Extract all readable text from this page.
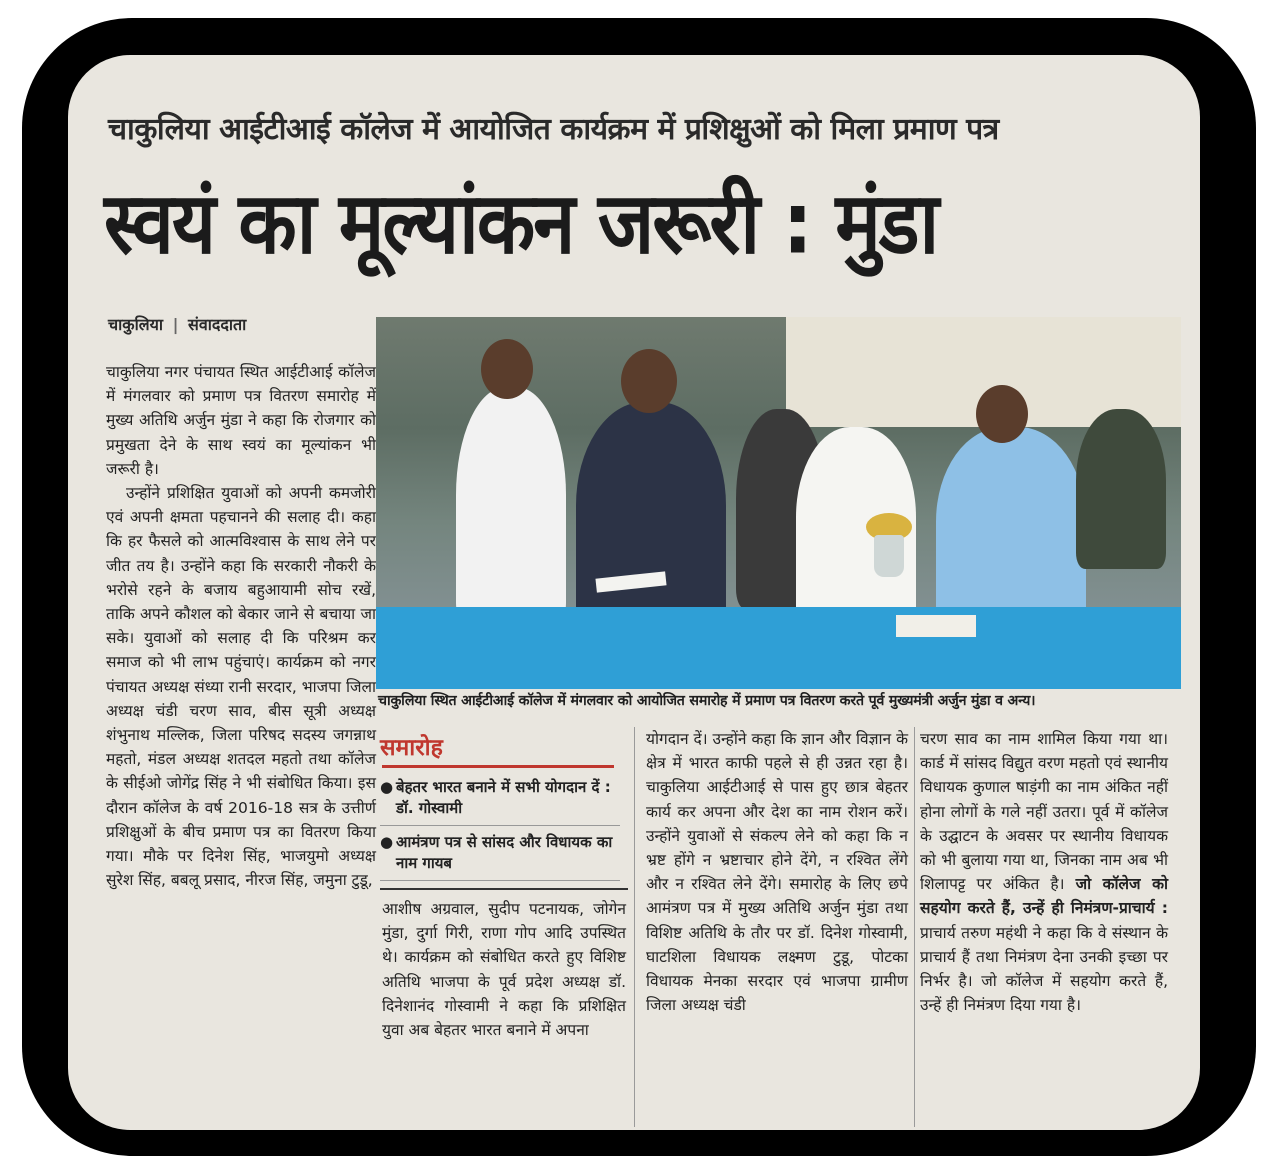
चाकुलिया आईटीआई कॉलेज में आयोजित कार्यक्रम में प्रशिक्षुओं को मिला प्रमाण पत्र
स्वयं का मूल्यांकन जरूरी : मुंडा
चाकुलिया | संवाददाता

चाकुलिया नगर पंचायत स्थित आईटीआई कॉलेज में मंगलवार को प्रमाण पत्र वितरण समारोह में मुख्य अतिथि अर्जुन मुंडा ने कहा कि रोजगार को प्रमुखता देने के साथ स्वयं का मूल्यांकन भी जरूरी है।

उन्होंने प्रशिक्षित युवाओं को अपनी कमजोरी एवं अपनी क्षमता पहचानने की सलाह दी। कहा कि हर फैसले को आत्मविश्वास के साथ लेने पर जीत तय है। उन्होंने कहा कि सरकारी नौकरी के भरोसे रहने के बजाय बहुआयामी सोच रखें, ताकि अपने कौशल को बेकार जाने से बचाया जा सके। युवाओं को सलाह दी कि परिश्रम कर समाज को भी लाभ पहुंचाएं। कार्यक्रम को नगर पंचायत अध्यक्ष संध्या रानी सरदार, भाजपा जिला अध्यक्ष चंडी चरण साव, बीस सूत्री अध्यक्ष शंभुनाथ मल्लिक, जिला परिषद सदस्य जगन्नाथ महतो, मंडल अध्यक्ष शतदल महतो तथा कॉलेज के सीईओ जोगेंद्र सिंह ने भी संबोधित किया। इस दौरान कॉलेज के वर्ष 2016-18 सत्र के उत्तीर्ण प्रशिक्षुओं के बीच प्रमाण पत्र का वितरण किया गया। मौके पर दिनेश सिंह, भाजयुमो अध्यक्ष सुरेश सिंह, बबलू प्रसाद, नीरज सिंह, जमुना टुडू,

चाकुलिया स्थित आईटीआई कॉलेज में मंगलवार को आयोजित समारोह में प्रमाण पत्र वितरण करते पूर्व मुख्यमंत्री अर्जुन मुंडा व अन्य।
समारोह
● बेहतर भारत बनाने में सभी योगदान दें : डॉ. गोस्वामी
● आमंत्रण पत्र से सांसद और विधायक का नाम गायब
आशीष अग्रवाल, सुदीप पटनायक, जोगेन मुंडा, दुर्गा गिरी, राणा गोप आदि उपस्थित थे। कार्यक्रम को संबोधित करते हुए विशिष्ट अतिथि भाजपा के पूर्व प्रदेश अध्यक्ष डॉ. दिनेशानंद गोस्वामी ने कहा कि प्रशिक्षित युवा अब बेहतर भारत बनाने में अपना
योगदान दें। उन्होंने कहा कि ज्ञान और विज्ञान के क्षेत्र में भारत काफी पहले से ही उन्नत रहा है। चाकुलिया आईटीआई से पास हुए छात्र बेहतर कार्य कर अपना और देश का नाम रोशन करें। उन्होंने युवाओं से संकल्प लेने को कहा कि न भ्रष्ट होंगे न भ्रष्टाचार होने देंगे, न रश्वित लेंगे और न रश्वित लेने देंगे। समारोह के लिए छपे आमंत्रण पत्र में मुख्य अतिथि अर्जुन मुंडा तथा विशिष्ट अतिथि के तौर पर डॉ. दिनेश गोस्वामी, घाटशिला विधायक लक्ष्मण टुडू, पोटका विधायक मेनका सरदार एवं भाजपा ग्रामीण जिला अध्यक्ष चंडी
चरण साव का नाम शामिल किया गया था। कार्ड में सांसद विद्युत वरण महतो एवं स्थानीय विधायक कुणाल षाड़ंगी का नाम अंकित नहीं होना लोगों के गले नहीं उतरा। पूर्व में कॉलेज के उद्घाटन के अवसर पर स्थानीय विधायक को भी बुलाया गया था, जिनका नाम अब भी शिलापट्ट पर अंकित है। जो कॉलेज को सहयोग करते हैं, उन्हें ही निमंत्रण-प्राचार्य : प्राचार्य तरुण महंथी ने कहा कि वे संस्थान के प्राचार्य हैं तथा निमंत्रण देना उनकी इच्छा पर निर्भर है। जो कॉलेज में सहयोग करते हैं, उन्हें ही निमंत्रण दिया गया है।
